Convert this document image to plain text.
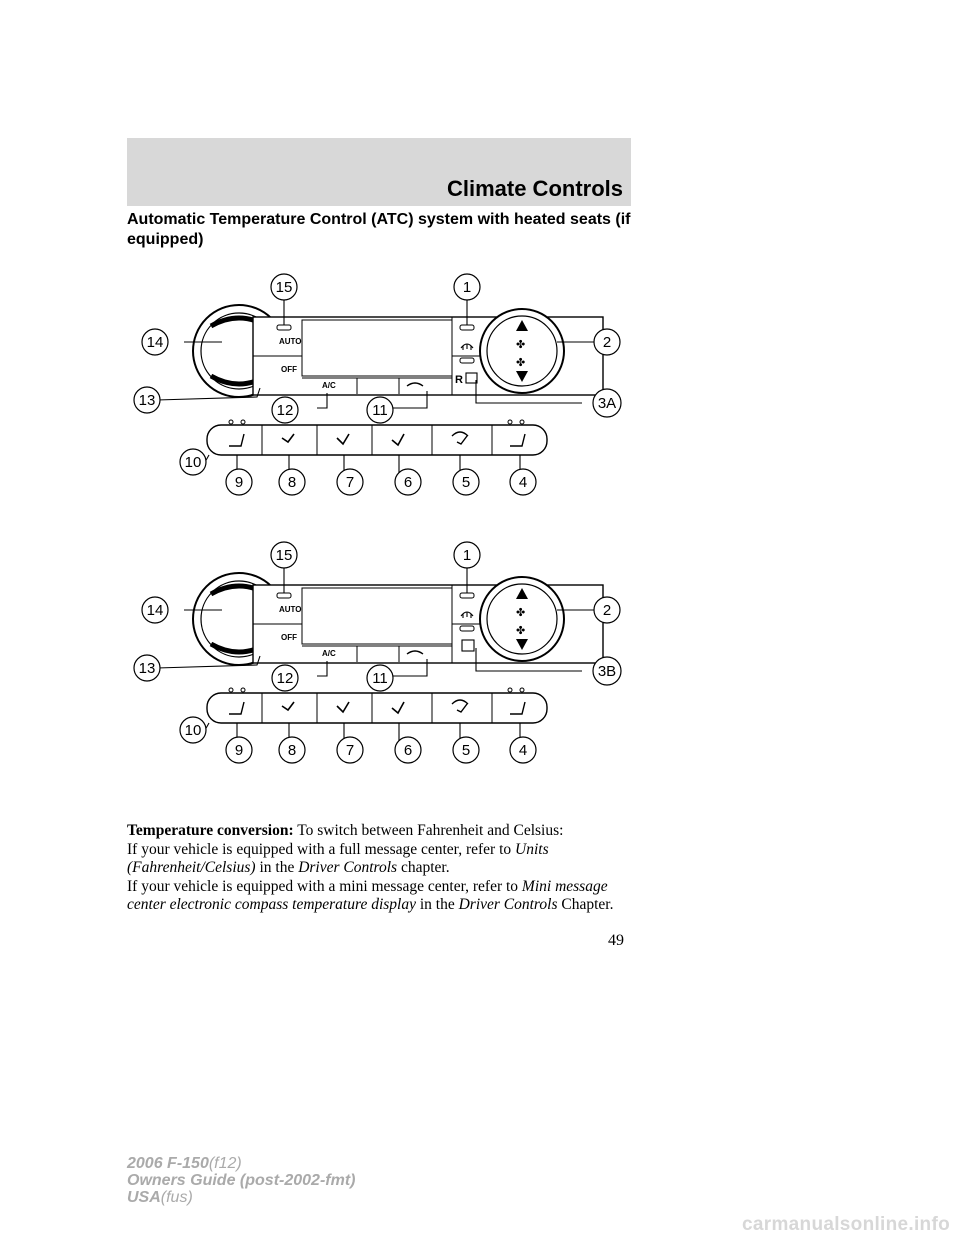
Climate Controls
Automatic Temperature Control (ATC) system with heated seats (if equipped)
AUTO
OFF
A/C	R
✤
✤
15	1
14	2
13	3A
12	11
10
9	8	7	6	5	4
AUTO
OFF
A/C
✤
✤
15	1
14	2
13	3B
12	11
10
9	8	7	6	5	4

Temperature conversion: To switch between Fahrenheit and Celsius:

If your vehicle is equipped with a full message center, refer to Units (Fahrenheit/Celsius) in the Driver Controls chapter.

If your vehicle is equipped with a mini message center, refer to Mini message center electronic compass temperature display in the Driver Controls Chapter.

49
2006 F-150(f12)
Owners Guide (post-2002-fmt)
USA(fus)
carmanualsonline.info
